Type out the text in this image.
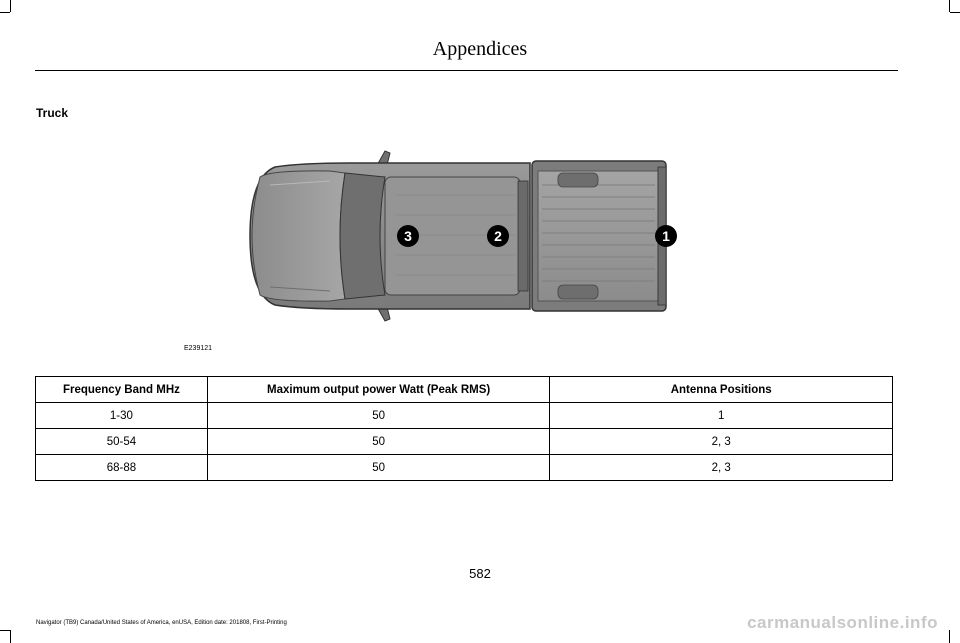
Appendices
Truck
3	2	1
E239121
Frequency Band MHz	Maximum output power Watt (Peak RMS)	Antenna Positions
1-30	50	1
50-54	50	2, 3
68-88	50	2, 3
582
Navigator (TB9) Canada/United States of America, enUSA, Edition date: 201808, First-Printing	carmanualsonline.info
